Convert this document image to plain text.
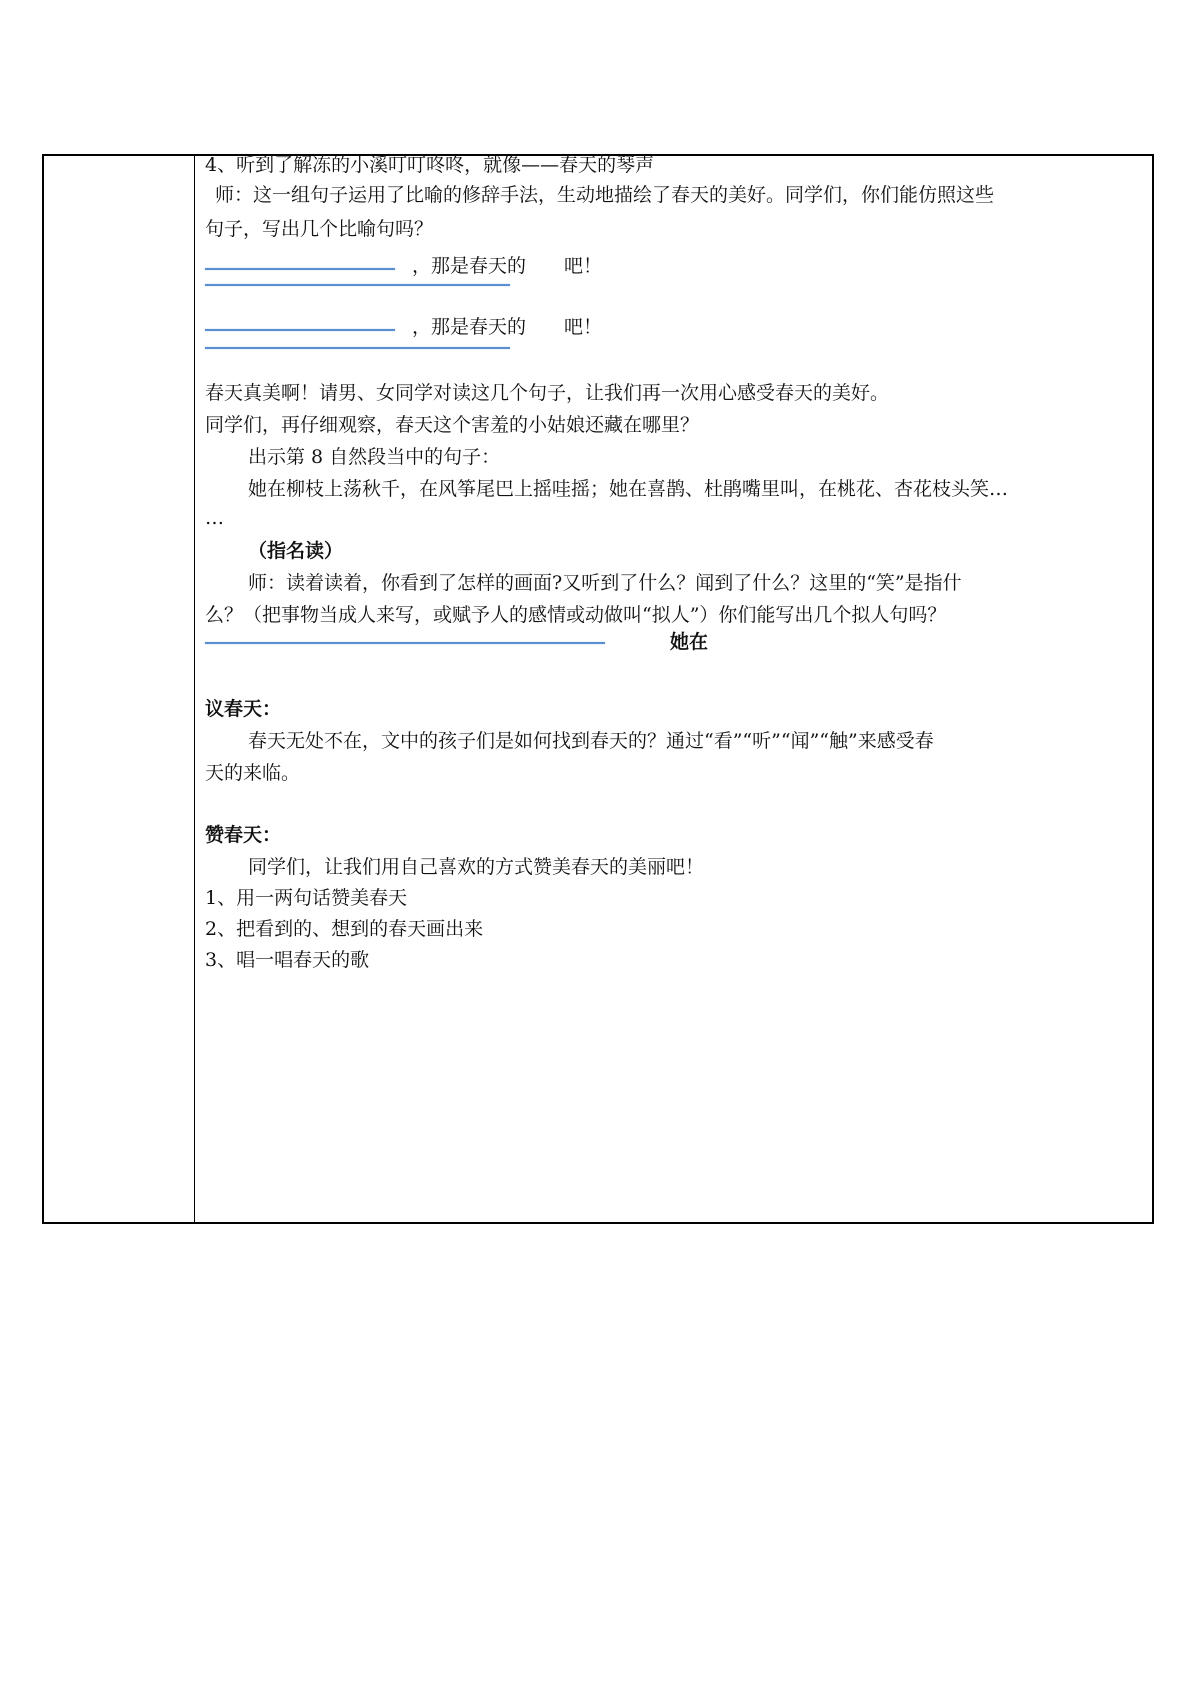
4、听到了解冻的小溪叮叮咚咚，就像——春天的琴声
师：这一组句子运用了比喻的修辞手法，生动地描绘了春天的美好。同学们，你们能仿照这些
句子，写出几个比喻句吗？
，那是春天的　　吧！
，那是春天的　　吧！
春天真美啊！请男、女同学对读这几个句子，让我们再一次用心感受春天的美好。
同学们，再仔细观察，春天这个害羞的小姑娘还藏在哪里？
出示第 8 自然段当中的句子：
她在柳枝上荡秋千，在风筝尾巴上摇哇摇；她在喜鹊、杜鹃嘴里叫，在桃花、杏花枝头笑…
…
（指名读）
师：读着读着，你看到了怎样的画面?又听到了什么？闻到了什么？这里的“笑”是指什
么？（把事物当成人来写，或赋予人的感情或动做叫“拟人”）你们能写出几个拟人句吗？
她在
议春天：
春天无处不在，文中的孩子们是如何找到春天的？通过“看”“听”“闻”“触”来感受春
天的来临。
赞春天：
同学们，让我们用自己喜欢的方式赞美春天的美丽吧！
1、用一两句话赞美春天
2、把看到的、想到的春天画出来
3、唱一唱春天的歌
